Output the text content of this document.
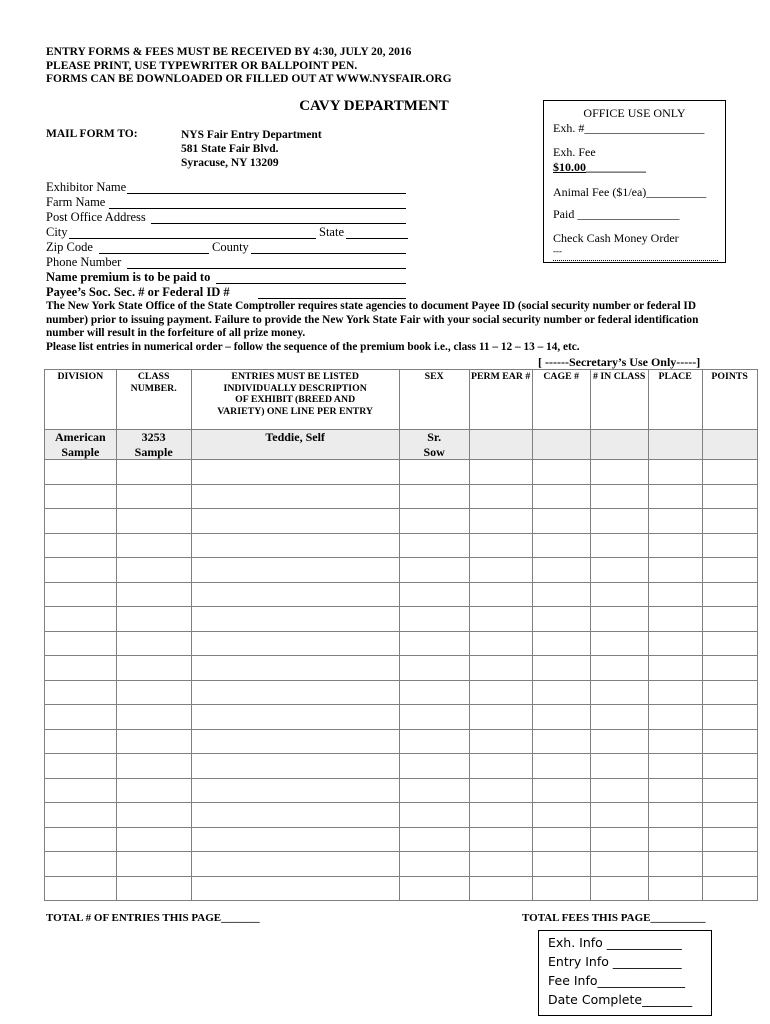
ENTRY FORMS & FEES MUST BE RECEIVED BY 4:30, JULY 20, 2016
PLEASE PRINT, USE TYPEWRITER OR BALLPOINT PEN.
FORMS CAN BE DOWNLOADED OR FILLED OUT AT WWW.NYSFAIR.ORG
CAVY DEPARTMENT
MAIL FORM TO:	NYS Fair Entry Department
581 State Fair Blvd.
Syracuse, NY 13209
OFFICE USE ONLY
Exh. #____________________
Exh. Fee
$10.00__________
Animal Fee ($1/ea)__________
Paid _________________
Check Cash Money Order
---
Exhibitor Name
Farm Name
Post Office Address
City	State
Zip Code	County
Phone Number
Name premium is to be paid to
Payee’s Soc. Sec. # or Federal ID #
The New York State Office of the State Comptroller requires state agencies to document Payee ID (social security number or federal ID number) prior to issuing payment. Failure to provide the New York State Fair with your social security number or federal identification number will result in the forfeiture of all prize money.
Please list entries in numerical order – follow the sequence of the premium book i.e., class 11 – 12 – 13 – 14, etc.
[ ------Secretary’s Use Only-----]
DIVISION	CLASS NUMBER.	ENTRIES MUST BE LISTED INDIVIDUALLY DESCRIPTION OF EXHIBIT (BREED AND VARIETY) ONE LINE PER ENTRY	SEX	PERM EAR #	CAGE #	# IN CLASS	PLACE	POINTS
American Sample	3253 Sample	Teddie, Self	Sr. Sow					

TOTAL # OF ENTRIES THIS PAGE_______	TOTAL FEES THIS PAGE__________
Exh. Info ____________
Entry Info ___________
Fee Info______________
Date Complete________
